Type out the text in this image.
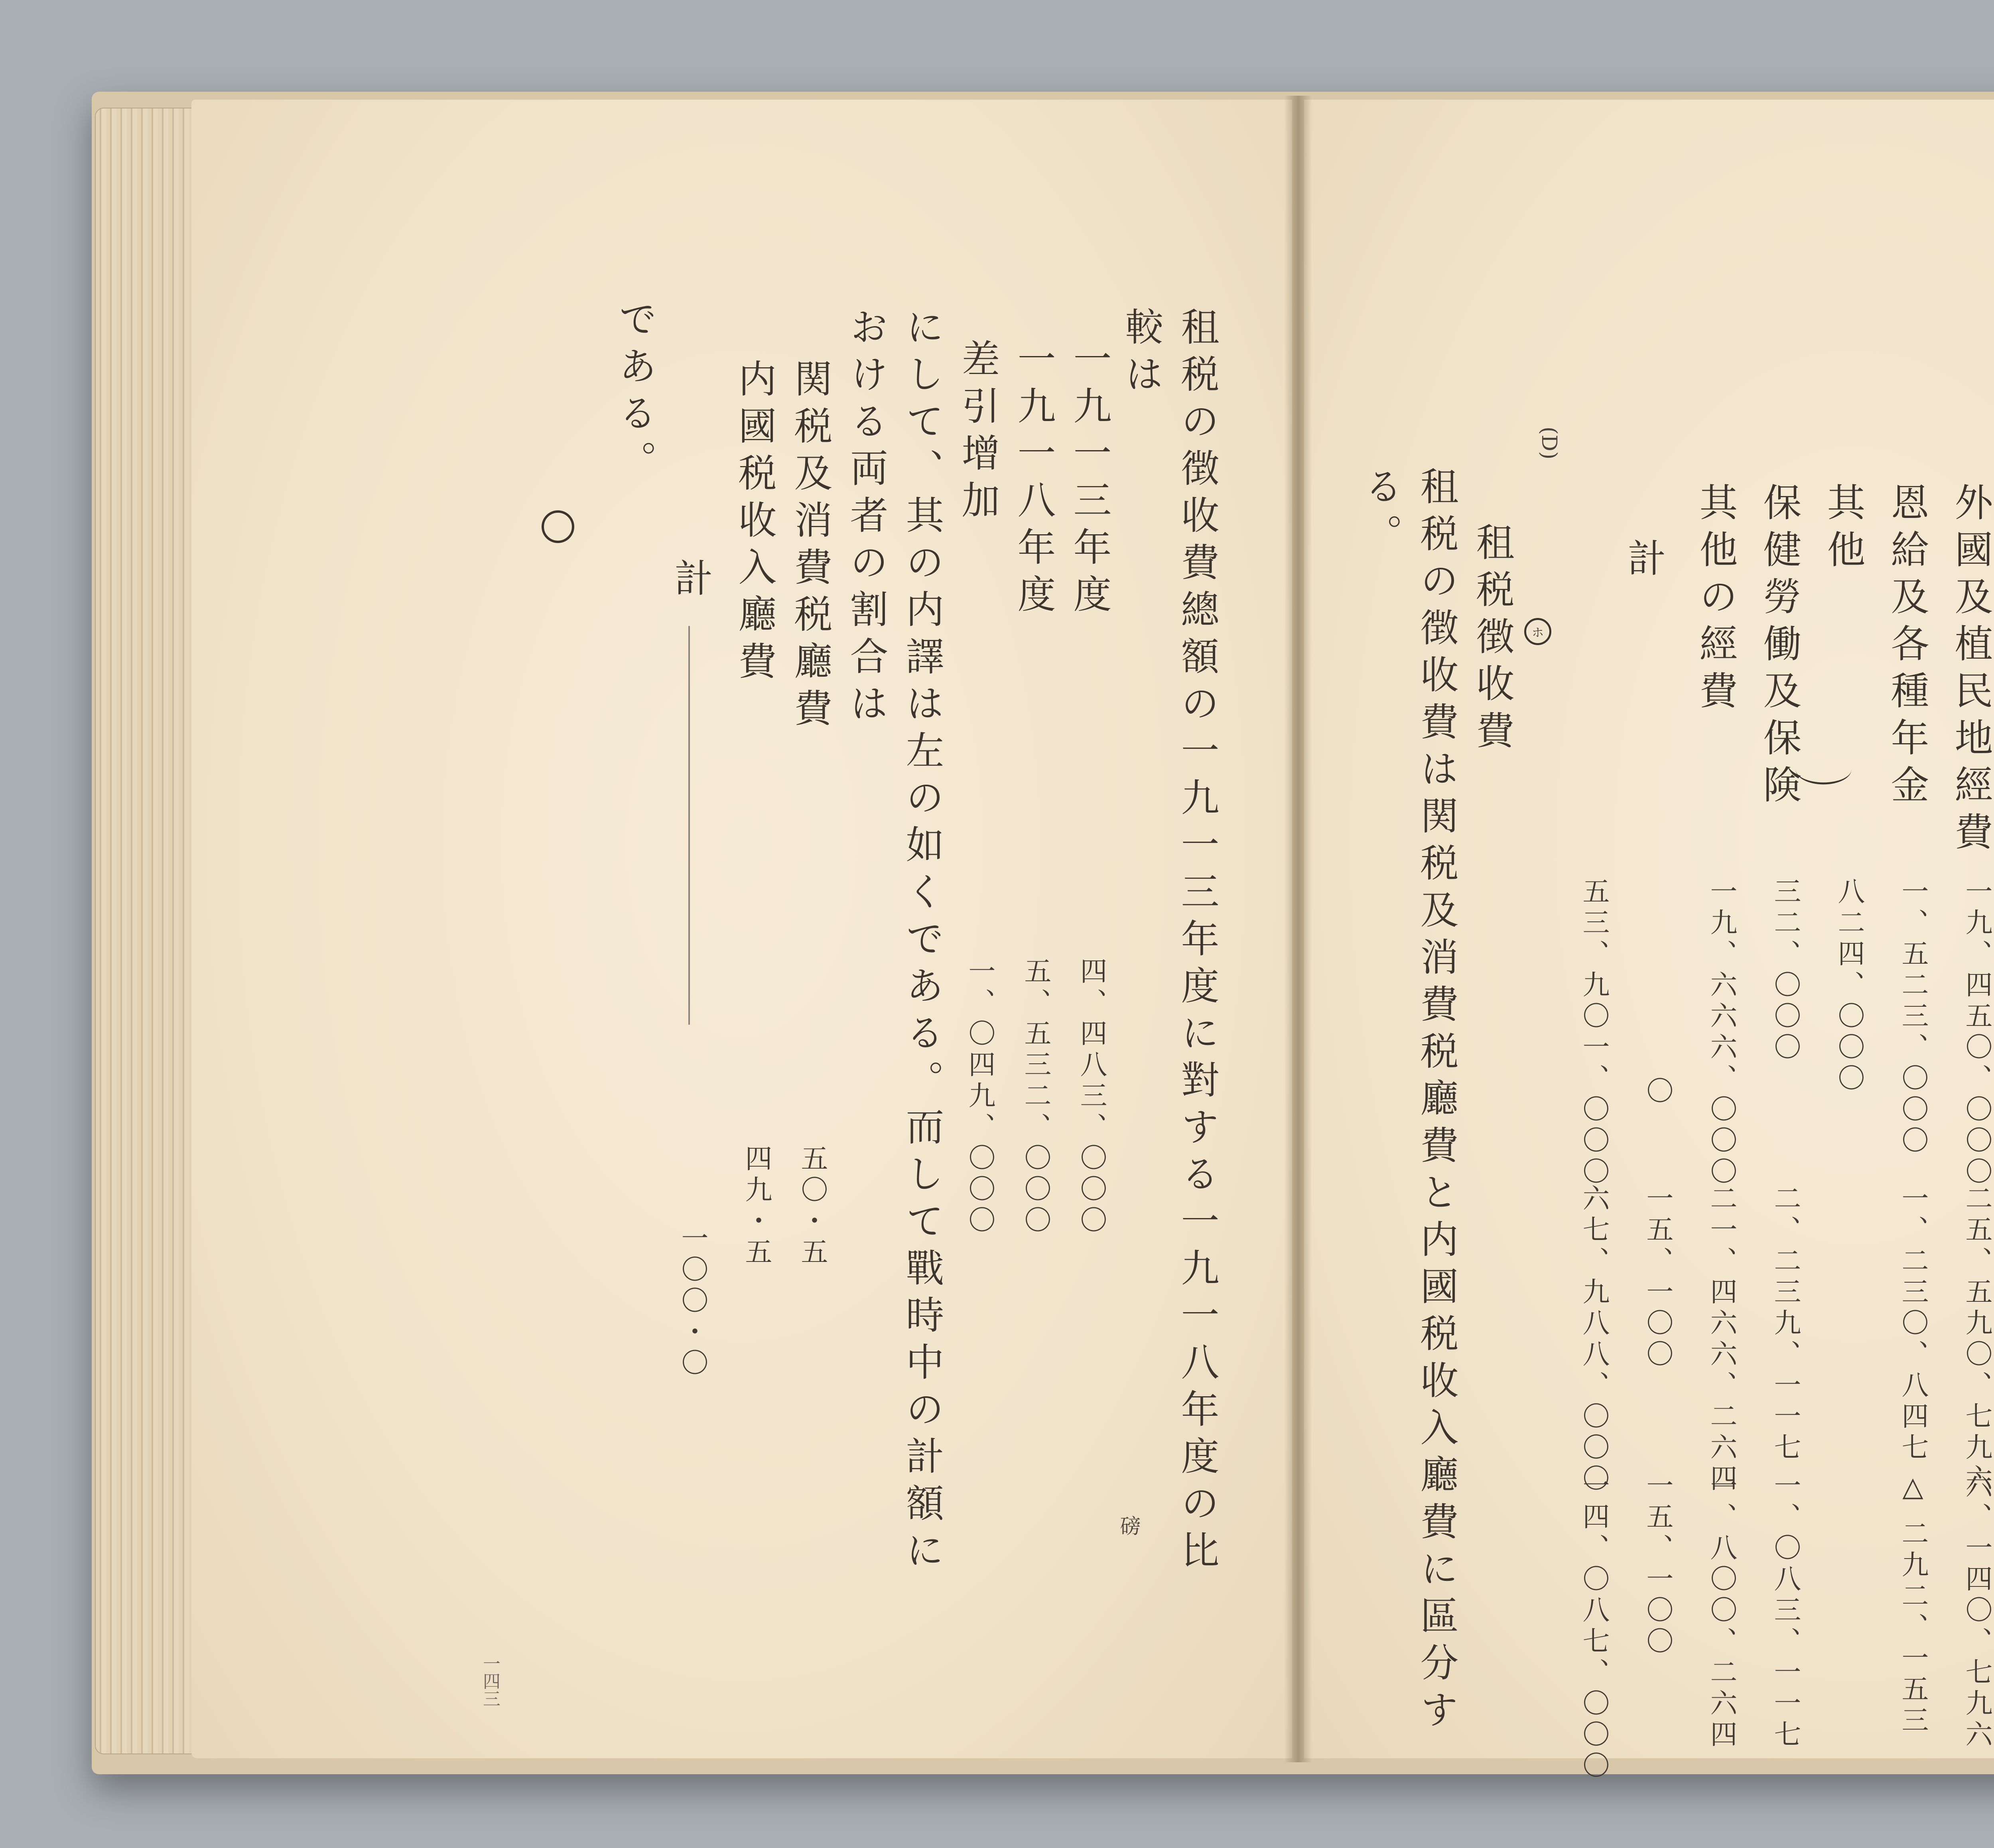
租税の徴收費總額の一九一三年度に對する一九一八年度の比
較は
一九一三年度
四、四八三、〇〇〇
磅
一九一八年度
五、五三二、〇〇〇
差引增加
一、〇四九、〇〇〇
にして、其の内譯は左の如くである。而して戰時中の計額に
おける両者の割合は
関税及消費税廳費
五〇・五
内國税收入廳費
四九・五
計
一〇〇・〇
である。
一四三
外國及植民地經費
一九、四五〇、〇〇〇
二五、五九〇、七九六
六、一四〇、七九六
恩給及各種年金
一、五二三、〇〇〇
一、二三〇、八四七
△ 二九二、一五三
其他
八二四、〇〇〇
保健勞働及保険
三二、〇〇〇
二、二三九、一一七
一、〇八三、一一七
其他の經費
一九、六六六、〇〇〇
二一、四六六、二六四
一、八〇〇、二六四
〇
一五、一〇〇
一五、一〇〇
計
五三、九〇一、〇〇〇
六七、九八八、〇〇〇
一四、〇八七、〇〇〇
(D)
ホ
租税徴收費
租税の徴收費は関税及消費税廳費と内國税收入廳費に區分す
る。
